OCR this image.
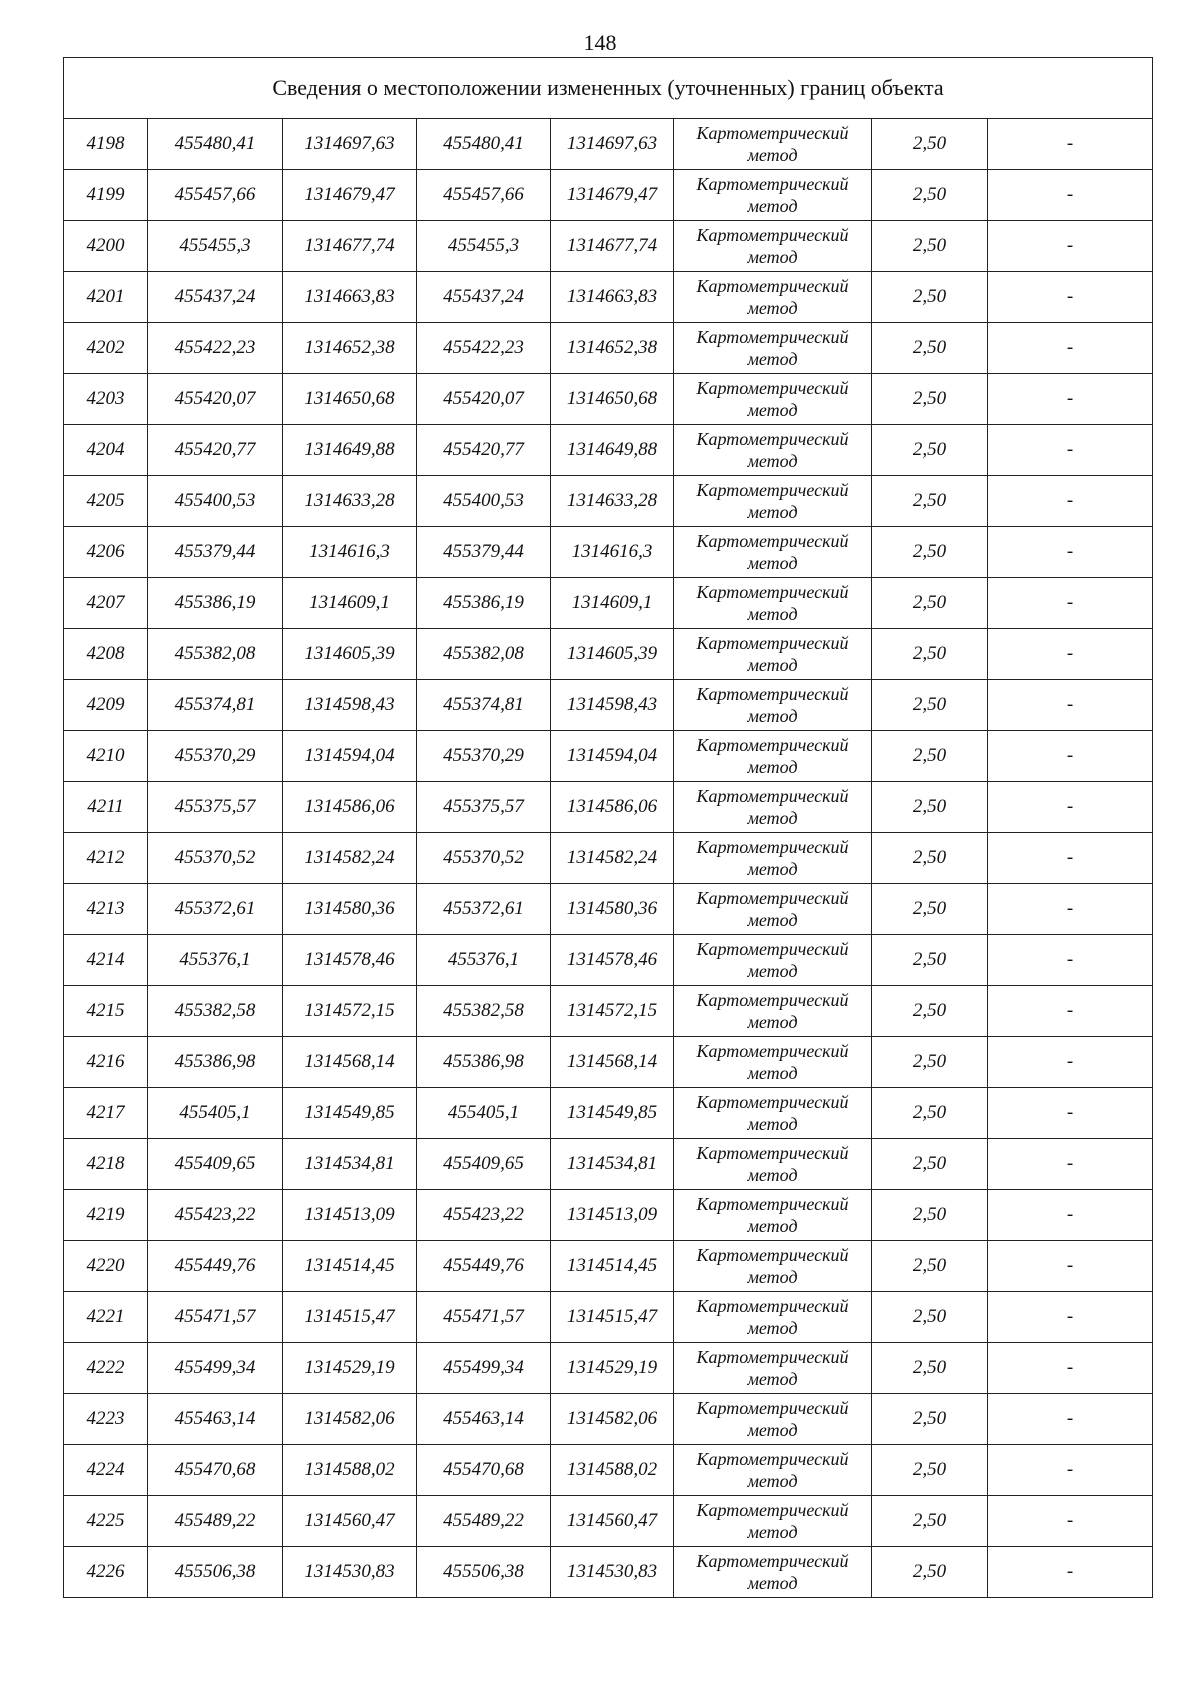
148
Сведения о местоположении измененных (уточненных) границ объекта							
4198	455480,41	1314697,63	455480,41	1314697,63	Картометрический
метод	2,50	-
4199	455457,66	1314679,47	455457,66	1314679,47	Картометрический
метод	2,50	-
4200	455455,3	1314677,74	455455,3	1314677,74	Картометрический
метод	2,50	-
4201	455437,24	1314663,83	455437,24	1314663,83	Картометрический
метод	2,50	-
4202	455422,23	1314652,38	455422,23	1314652,38	Картометрический
метод	2,50	-
4203	455420,07	1314650,68	455420,07	1314650,68	Картометрический
метод	2,50	-
4204	455420,77	1314649,88	455420,77	1314649,88	Картометрический
метод	2,50	-
4205	455400,53	1314633,28	455400,53	1314633,28	Картометрический
метод	2,50	-
4206	455379,44	1314616,3	455379,44	1314616,3	Картометрический
метод	2,50	-
4207	455386,19	1314609,1	455386,19	1314609,1	Картометрический
метод	2,50	-
4208	455382,08	1314605,39	455382,08	1314605,39	Картометрический
метод	2,50	-
4209	455374,81	1314598,43	455374,81	1314598,43	Картометрический
метод	2,50	-
4210	455370,29	1314594,04	455370,29	1314594,04	Картометрический
метод	2,50	-
4211	455375,57	1314586,06	455375,57	1314586,06	Картометрический
метод	2,50	-
4212	455370,52	1314582,24	455370,52	1314582,24	Картометрический
метод	2,50	-
4213	455372,61	1314580,36	455372,61	1314580,36	Картометрический
метод	2,50	-
4214	455376,1	1314578,46	455376,1	1314578,46	Картометрический
метод	2,50	-
4215	455382,58	1314572,15	455382,58	1314572,15	Картометрический
метод	2,50	-
4216	455386,98	1314568,14	455386,98	1314568,14	Картометрический
метод	2,50	-
4217	455405,1	1314549,85	455405,1	1314549,85	Картометрический
метод	2,50	-
4218	455409,65	1314534,81	455409,65	1314534,81	Картометрический
метод	2,50	-
4219	455423,22	1314513,09	455423,22	1314513,09	Картометрический
метод	2,50	-
4220	455449,76	1314514,45	455449,76	1314514,45	Картометрический
метод	2,50	-
4221	455471,57	1314515,47	455471,57	1314515,47	Картометрический
метод	2,50	-
4222	455499,34	1314529,19	455499,34	1314529,19	Картометрический
метод	2,50	-
4223	455463,14	1314582,06	455463,14	1314582,06	Картометрический
метод	2,50	-
4224	455470,68	1314588,02	455470,68	1314588,02	Картометрический
метод	2,50	-
4225	455489,22	1314560,47	455489,22	1314560,47	Картометрический
метод	2,50	-
4226	455506,38	1314530,83	455506,38	1314530,83	Картометрический
метод	2,50	-
